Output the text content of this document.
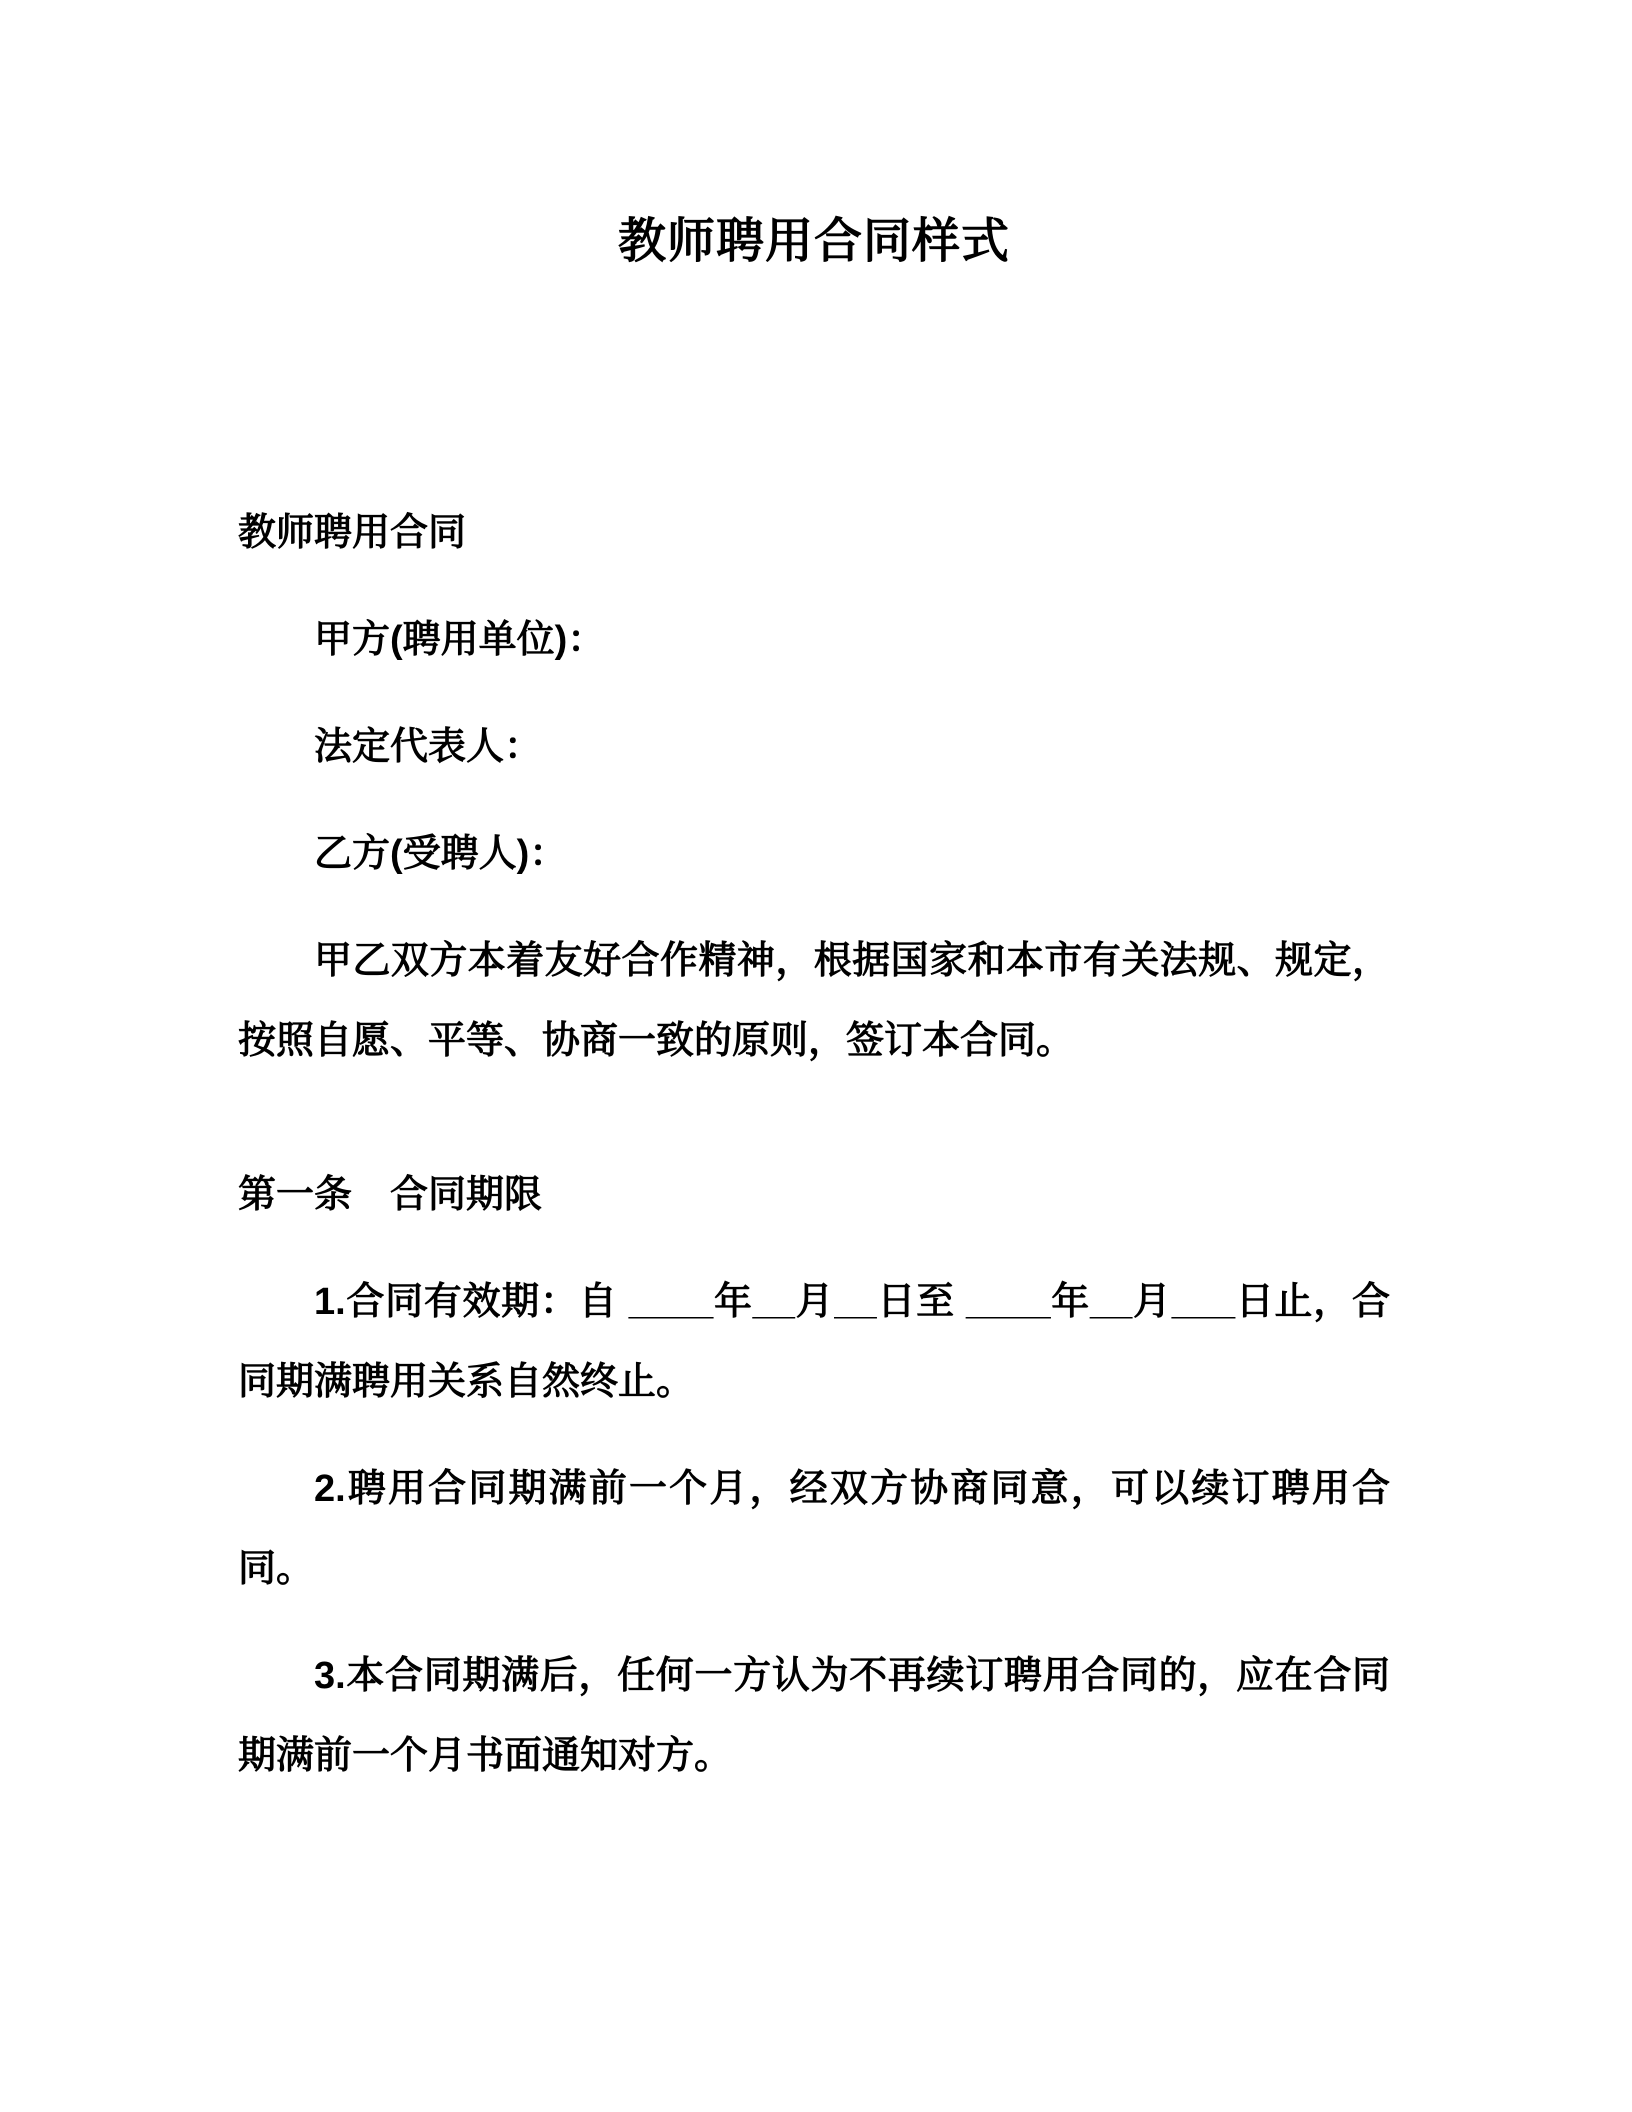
教师聘用合同样式

教师聘用合同

甲方(聘用单位)：

法定代表人：

乙方(受聘人)：

甲乙双方本着友好合作精神，根据国家和本市有关法规、规定，按照自愿、平等、协商一致的原则，签订本合同。

第一条　合同期限

1.合同有效期：自 ____年__月__日至 ____年__月___日止，合同期满聘用关系自然终止。

2.聘用合同期满前一个月，经双方协商同意，可以续订聘用合同。

3.本合同期满后，任何一方认为不再续订聘用合同的，应在合同期满前一个月书面通知对方。
